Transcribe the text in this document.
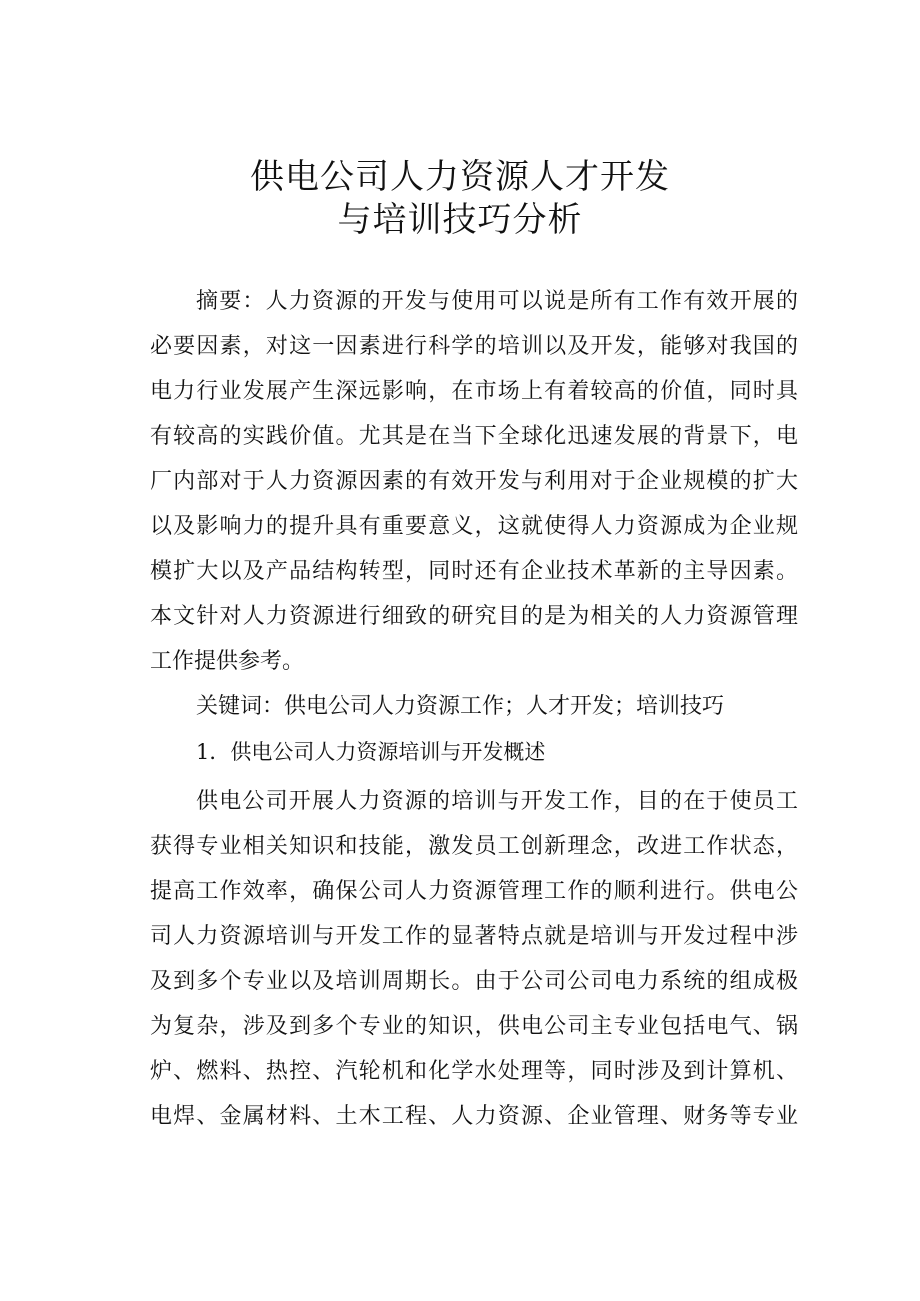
供电公司人力资源人才开发
与培训技巧分析
摘要：人力资源的开发与使用可以说是所有工作有效开展的
必要因素，对这一因素进行科学的培训以及开发，能够对我国的
电力行业发展产生深远影响，在市场上有着较高的价值，同时具
有较高的实践价值。尤其是在当下全球化迅速发展的背景下，电
厂内部对于人力资源因素的有效开发与利用对于企业规模的扩大
以及影响力的提升具有重要意义，这就使得人力资源成为企业规
模扩大以及产品结构转型，同时还有企业技术革新的主导因素。
本文针对人力资源进行细致的研究目的是为相关的人力资源管理
工作提供参考。
关键词：供电公司人力资源工作；人才开发；培训技巧
1．供电公司人力资源培训与开发概述
供电公司开展人力资源的培训与开发工作，目的在于使员工
获得专业相关知识和技能，激发员工创新理念，改进工作状态，
提高工作效率，确保公司人力资源管理工作的顺利进行。供电公
司人力资源培训与开发工作的显著特点就是培训与开发过程中涉
及到多个专业以及培训周期长。由于公司公司电力系统的组成极
为复杂，涉及到多个专业的知识，供电公司主专业包括电气、锅
炉、燃料、热控、汽轮机和化学水处理等，同时涉及到计算机、
电焊、金属材料、土木工程、人力资源、企业管理、财务等专业
